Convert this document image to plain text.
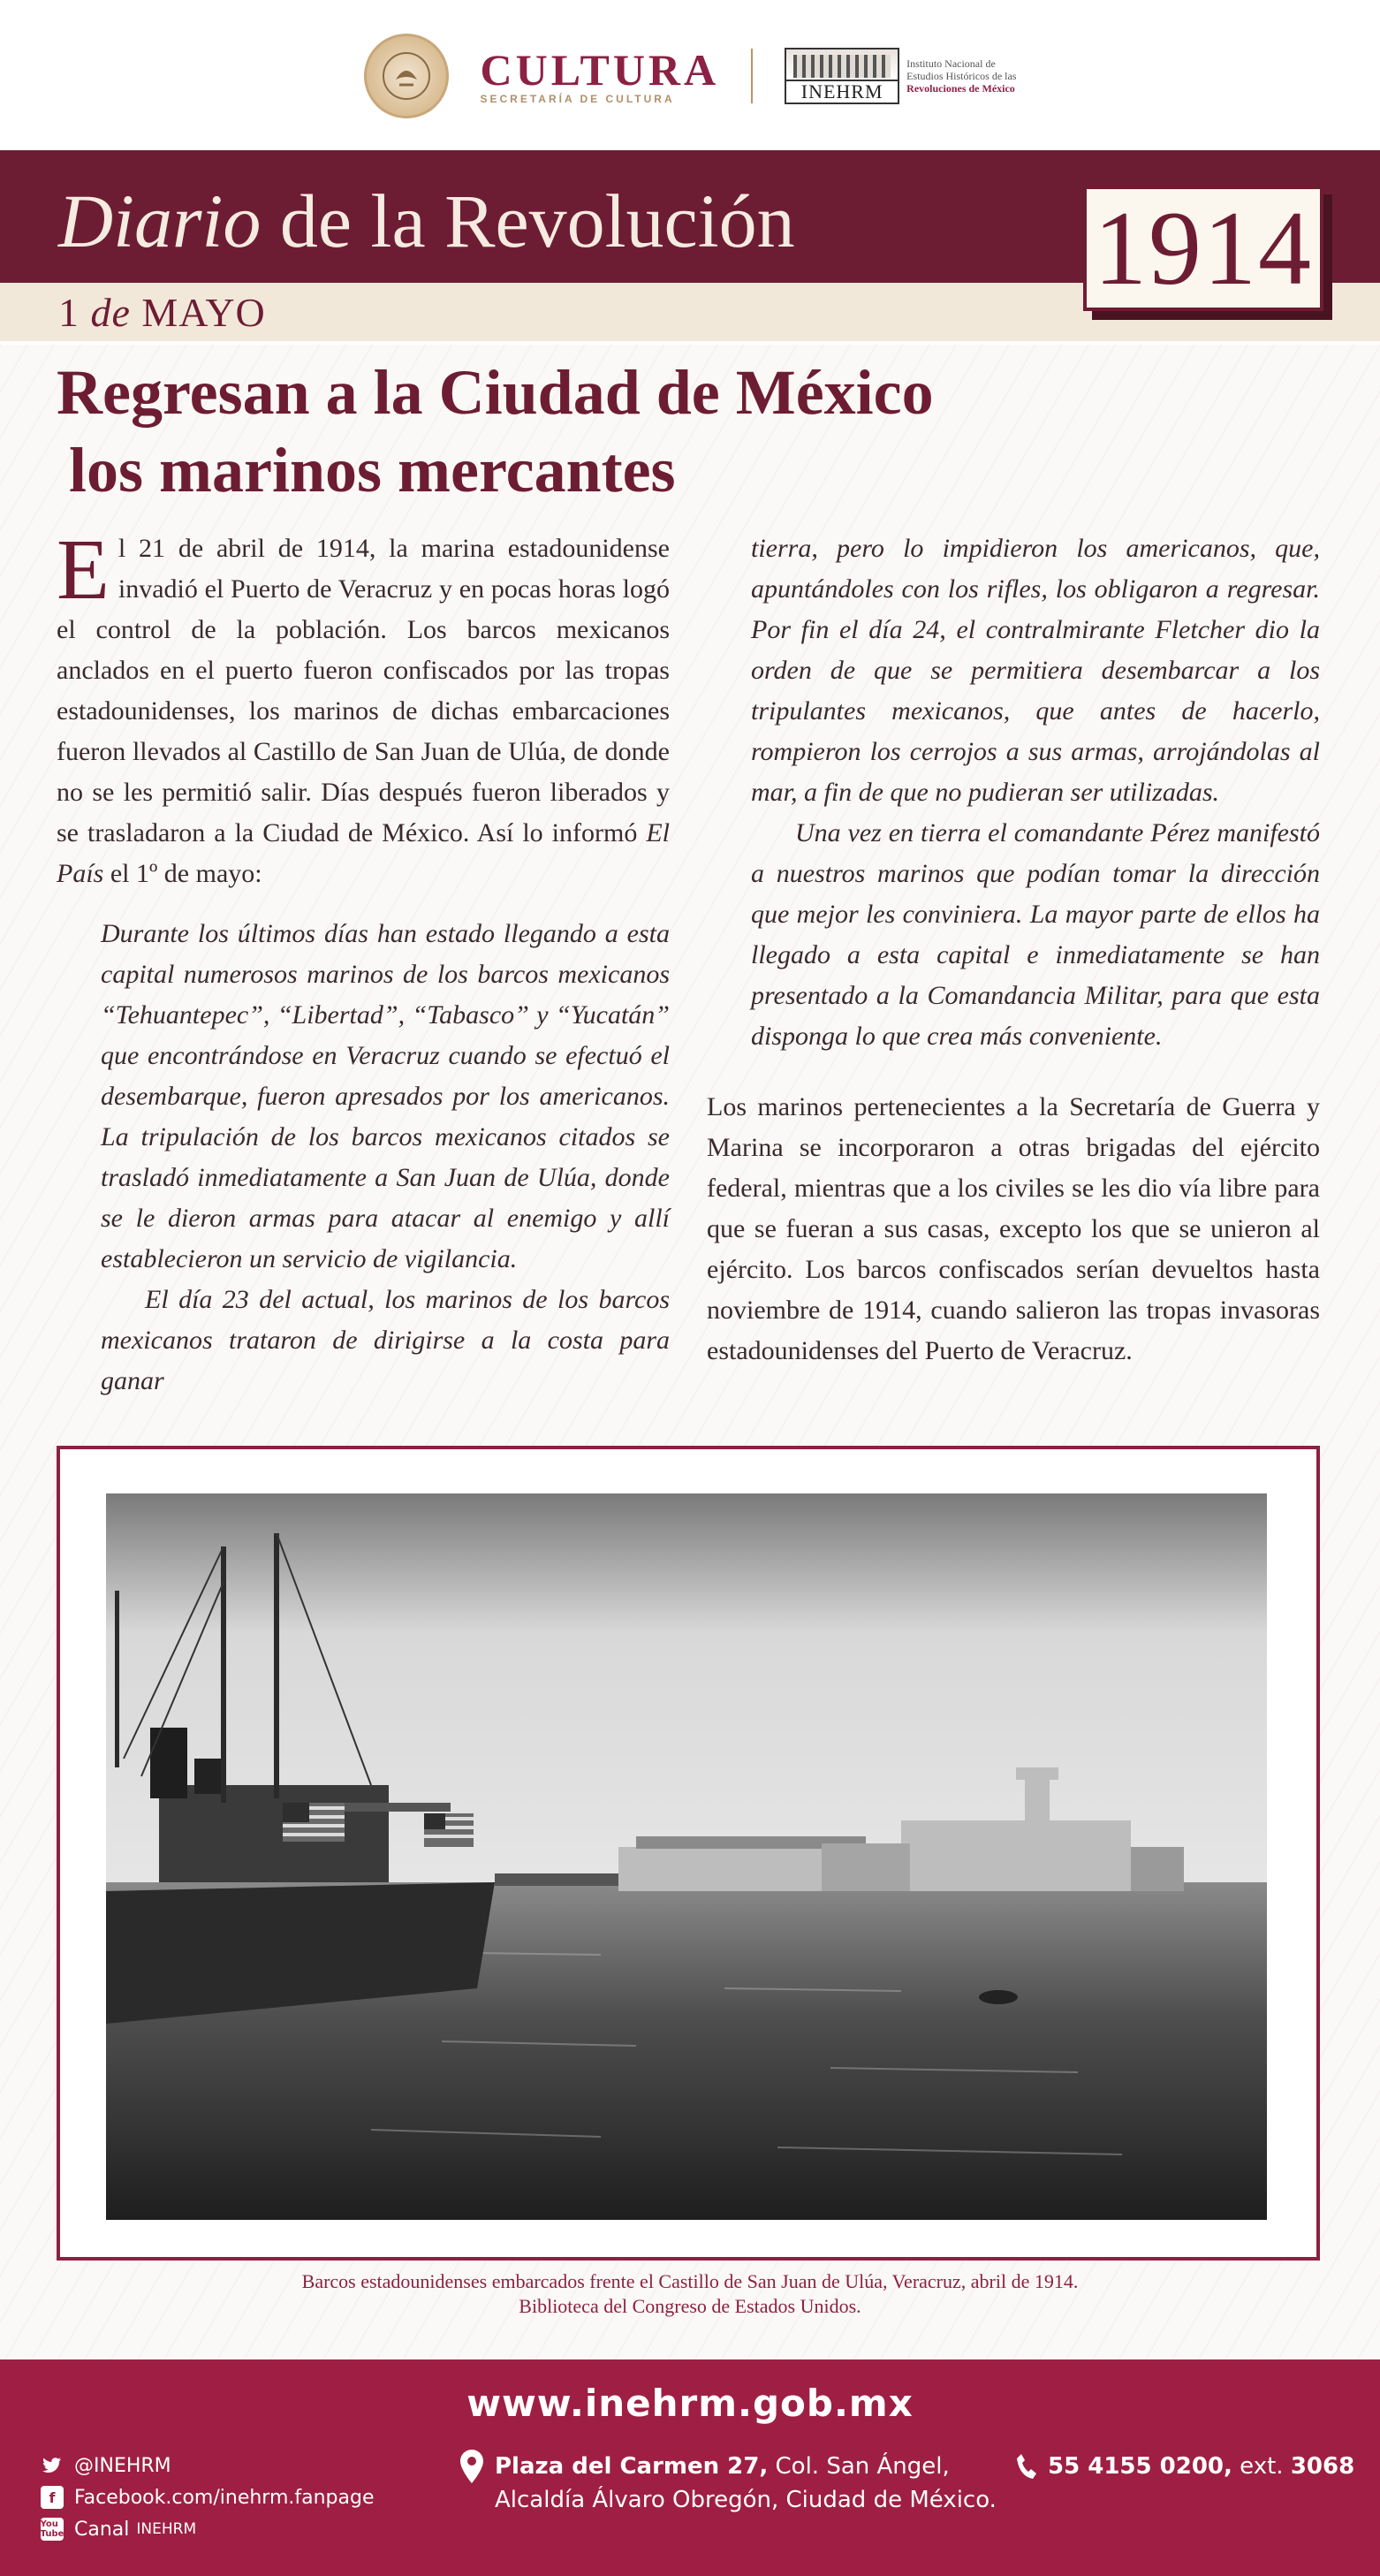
CULTURA
SECRETARÍA DE CULTURA	INEHRM
Instituto Nacional de
Estudios Históricos de las
Revoluciones de México
Diario de la Revolución
1 de MAYO
1914
Regresan a la Ciudad de México
los marinos mercantes

El 21 de abril de 1914, la marina estadounidense invadió el Puerto de Veracruz y en pocas horas logó el control de la población. Los barcos mexicanos anclados en el puerto fueron confiscados por las tropas estadounidenses, los marinos de dichas embarcaciones fueron llevados al Castillo de San Juan de Ulúa, de donde no se les permitió salir. Días después fueron liberados y se trasladaron a la Ciudad de México. Así lo informó El País el 1º de mayo:

Durante los últimos días han estado llegando a esta capital numerosos marinos de los barcos mexicanos “Tehuantepec”, “Libertad”, “Tabasco” y “Yucatán” que encontrándose en Veracruz cuando se efectuó el desembarque, fueron apresados por los americanos. La tripulación de los barcos mexicanos citados se trasladó inmediatamente a San Juan de Ulúa, donde se le dieron armas para atacar al enemigo y allí establecieron un servicio de vigilancia.

El día 23 del actual, los marinos de los barcos mexicanos trataron de dirigirse a la costa para ganar

tierra, pero lo impidieron los americanos, que, apuntándoles con los rifles, los obligaron a regresar. Por fin el día 24, el contralmirante Fletcher dio la orden de que se permitiera desembarcar a los tripulantes mexicanos, que antes de hacerlo, rompieron los cerrojos a sus armas, arrojándolas al mar, a fin de que no pudieran ser utilizadas.

Una vez en tierra el comandante Pérez manifestó a nuestros marinos que podían tomar la dirección que mejor les conviniera. La mayor parte de ellos ha llegado a esta capital e inmediatamente se han presentado a la Comandancia Militar, para que esta disponga lo que crea más conveniente.

Los marinos pertenecientes a la Secretaría de Guerra y Marina se incorporaron a otras brigadas del ejército federal, mientras que a los civiles se les dio vía libre para que se fueran a sus casas, excepto los que se unieron al ejército. Los barcos confiscados serían devueltos hasta noviembre de 1914, cuando salieron las tropas invasoras estadounidenses del Puerto de Veracruz.

Barcos estadounidenses embarcados frente el Castillo de San Juan de Ulúa, Veracruz, abril de 1914.
Biblioteca del Congreso de Estados Unidos.
www.inehrm.gob.mx
@INEHRM
f Facebook.com/inehrm.fanpage
You Tube Canal INEHRM
Plaza del Carmen 27, Col. San Ángel,
Alcaldía Álvaro Obregón, Ciudad de México.
55 4155 0200, ext. 3068
